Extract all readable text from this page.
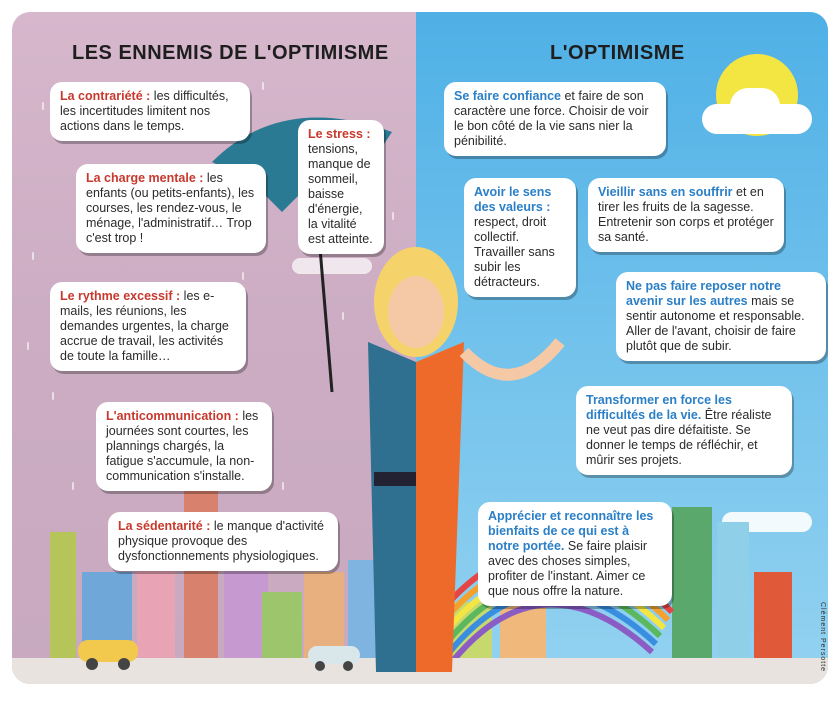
LES ENNEMIS DE L'OPTIMISME	L'OPTIMISME
La contrariété : les difficultés, les incertitudes limitent nos actions dans le temps.
La charge mentale : les enfants (ou petits-enfants), les courses, les rendez-vous, le ménage, l'administratif… Trop c'est trop !
Le stress : tensions, manque de sommeil, baisse d'énergie, la vitalité est atteinte.
Le rythme excessif : les e-mails, les réunions, les demandes urgentes, la charge accrue de travail, les activités de toute la famille…
L'anticommunication : les journées sont courtes, les plannings chargés, la fatigue s'accumule, la non-communication s'installe.
La sédentarité : le manque d'activité physique provoque des dysfonctionnements physiologiques.
Se faire confiance et faire de son caractère une force. Choisir de voir le bon côté de la vie sans nier la pénibilité.
Avoir le sens des valeurs : respect, droit collectif. Travailler sans subir les détracteurs.
Vieillir sans en souffrir et en tirer les fruits de la sagesse. Entretenir son corps et protéger sa santé.
Ne pas faire reposer notre avenir sur les autres mais se sentir autonome et responsable. Aller de l'avant, choisir de faire plutôt que de subir.
Transformer en force les difficultés de la vie. Être réaliste ne veut pas dire défaitiste. Se donner le temps de réfléchir, et mûrir ses projets.
Apprécier et reconnaître les bienfaits de ce qui est à notre portée. Se faire plaisir avec des choses simples, profiter de l'instant. Aimer ce que nous offre la nature.
Clément Persotte
